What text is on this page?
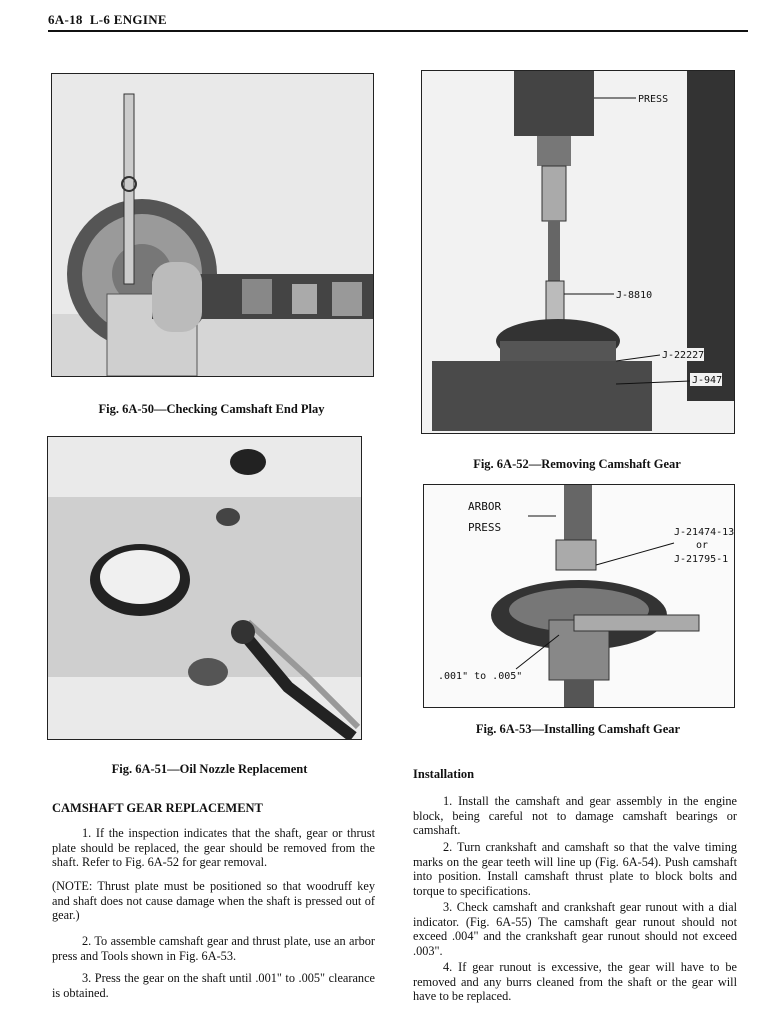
6A-18 L-6 ENGINE
Fig. 6A-50—Checking Camshaft End Play
Fig. 6A-51—Oil Nozzle Replacement
PRESS
J-8810
J-22227
J-947
Fig. 6A-52—Removing Camshaft Gear
ARBOR
PRESS	J-21474-13
or
J-21795-1
.001" to .005"
Fig. 6A-53—Installing Camshaft Gear
CAMSHAFT GEAR REPLACEMENT
1. If the inspection indicates that the shaft, gear or thrust plate should be replaced, the gear should be removed from the shaft. Refer to Fig. 6A-52 for gear removal.
(NOTE: Thrust plate must be positioned so that woodruff key and shaft does not cause damage when the shaft is pressed out of gear.)
2. To assemble camshaft gear and thrust plate, use an arbor press and Tools shown in Fig. 6A-53.
3. Press the gear on the shaft until .001" to .005" clearance is obtained.
Installation
1. Install the camshaft and gear assembly in the engine block, being careful not to damage camshaft bearings or camshaft.
2. Turn crankshaft and camshaft so that the valve timing marks on the gear teeth will line up (Fig. 6A-54). Push camshaft into position. Install camshaft thrust plate to block bolts and torque to specifications.
3. Check camshaft and crankshaft gear runout with a dial indicator. (Fig. 6A-55) The camshaft gear runout should not exceed .004" and the crankshaft gear runout should not exceed .003".
4. If gear runout is excessive, the gear will have to be removed and any burrs cleaned from the shaft or the gear will have to be replaced.
